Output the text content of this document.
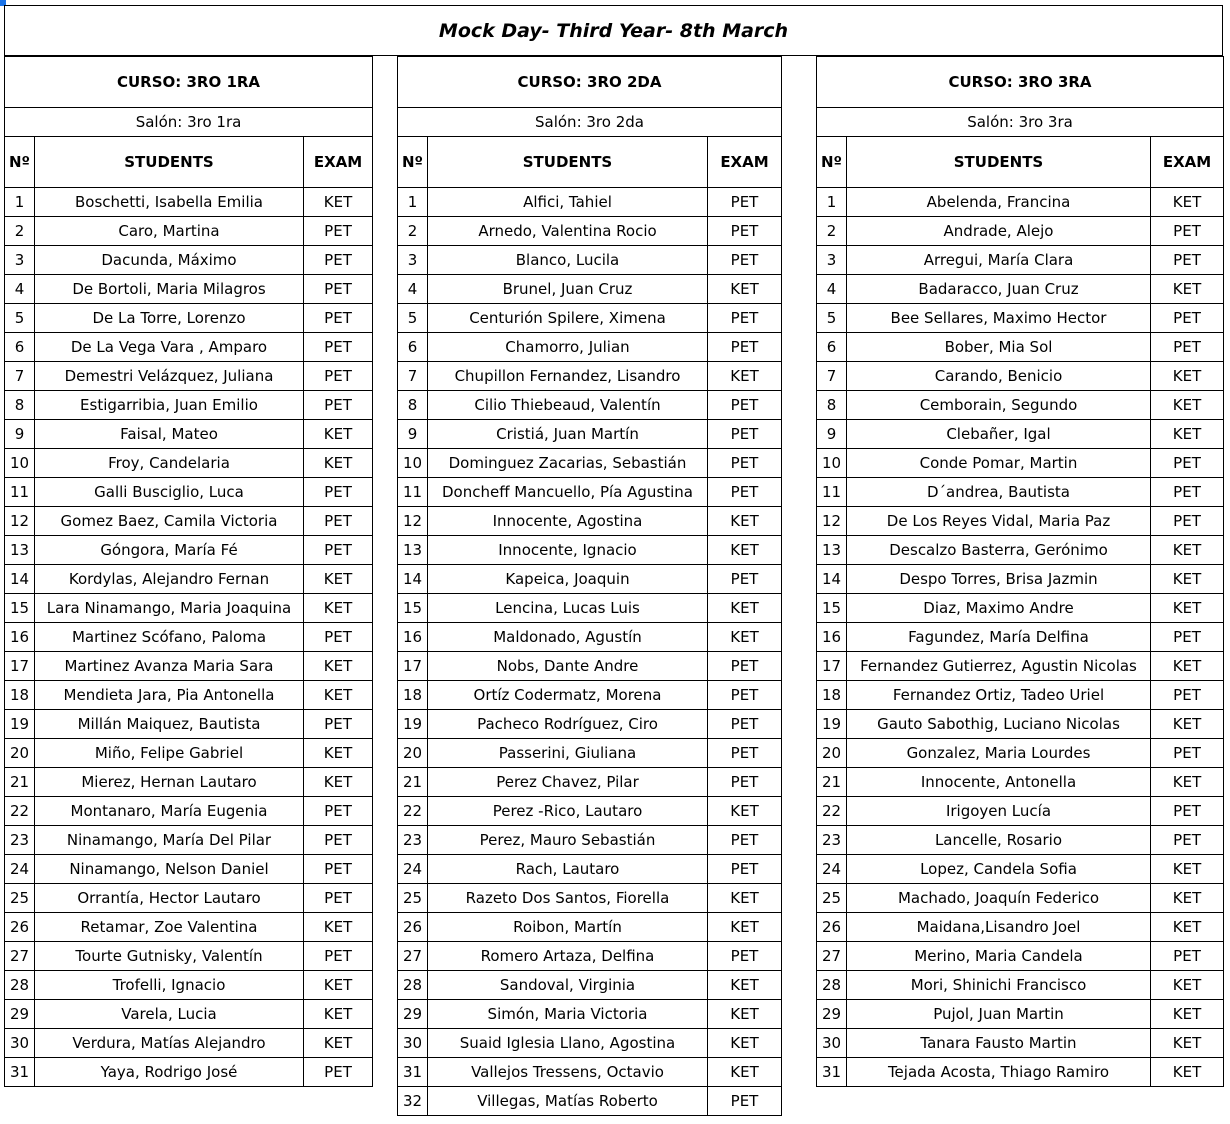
Mock Day- Third Year- 8th March
CURSO: 3RO 1RA		
Salón: 3ro 1ra		
Nº	STUDENTS	EXAM
1	Boschetti, Isabella Emilia	KET
2	Caro, Martina	PET
3	Dacunda, Máximo	PET
4	De Bortoli, Maria Milagros	PET
5	De La Torre, Lorenzo	PET
6	De La Vega Vara , Amparo	PET
7	Demestri Velázquez, Juliana	PET
8	Estigarribia, Juan Emilio	PET
9	Faisal, Mateo	KET
10	Froy, Candelaria	KET
11	Galli Busciglio, Luca	PET
12	Gomez Baez, Camila Victoria	PET
13	Góngora, María Fé	PET
14	Kordylas, Alejandro Fernan	KET
15	Lara Ninamango, Maria Joaquina	KET
16	Martinez Scófano, Paloma	PET
17	Martinez Avanza Maria Sara	KET
18	Mendieta Jara, Pia Antonella	KET
19	Millán Maiquez, Bautista	PET
20	Miño, Felipe Gabriel	KET
21	Mierez, Hernan Lautaro	KET
22	Montanaro, María Eugenia	PET
23	Ninamango, María Del Pilar	PET
24	Ninamango, Nelson Daniel	PET
25	Orrantía, Hector Lautaro	PET
26	Retamar, Zoe Valentina	KET
27	Tourte Gutnisky, Valentín	PET
28	Trofelli, Ignacio	KET
29	Varela, Lucia	KET
30	Verdura, Matías Alejandro	KET
31	Yaya, Rodrigo José	PET
CURSO: 3RO 2DA		
Salón: 3ro 2da		
Nº	STUDENTS	EXAM
1	Alfici, Tahiel	PET
2	Arnedo, Valentina Rocio	PET
3	Blanco, Lucila	PET
4	Brunel, Juan Cruz	KET
5	Centurión Spilere, Ximena	PET
6	Chamorro, Julian	PET
7	Chupillon Fernandez, Lisandro	KET
8	Cilio Thiebeaud, Valentín	PET
9	Cristiá, Juan Martín	PET
10	Dominguez Zacarias, Sebastián	PET
11	Doncheff Mancuello, Pía Agustina	PET
12	Innocente, Agostina	KET
13	Innocente, Ignacio	KET
14	Kapeica, Joaquin	PET
15	Lencina, Lucas Luis	KET
16	Maldonado, Agustín	KET
17	Nobs, Dante Andre	PET
18	Ortíz Codermatz, Morena	PET
19	Pacheco Rodríguez, Ciro	PET
20	Passerini, Giuliana	PET
21	Perez Chavez, Pilar	PET
22	Perez -Rico, Lautaro	KET
23	Perez, Mauro Sebastián	PET
24	Rach, Lautaro	PET
25	Razeto Dos Santos, Fiorella	KET
26	Roibon, Martín	KET
27	Romero Artaza, Delfina	PET
28	Sandoval, Virginia	KET
29	Simón, Maria Victoria	KET
30	Suaid Iglesia Llano, Agostina	KET
31	Vallejos Tressens, Octavio	KET
32	Villegas, Matías Roberto	PET
CURSO: 3RO 3RA		
Salón: 3ro 3ra		
Nº	STUDENTS	EXAM
1	Abelenda, Francina	KET
2	Andrade, Alejo	PET
3	Arregui, María Clara	PET
4	Badaracco, Juan Cruz	KET
5	Bee Sellares, Maximo Hector	PET
6	Bober, Mia Sol	PET
7	Carando, Benicio	KET
8	Cemborain, Segundo	KET
9	Clebañer, Igal	KET
10	Conde Pomar, Martin	PET
11	D´andrea, Bautista	PET
12	De Los Reyes Vidal, Maria Paz	PET
13	Descalzo Basterra, Gerónimo	KET
14	Despo Torres, Brisa Jazmin	KET
15	Diaz, Maximo Andre	KET
16	Fagundez, María Delfina	PET
17	Fernandez Gutierrez, Agustin Nicolas	KET
18	Fernandez Ortiz, Tadeo Uriel	PET
19	Gauto Sabothig, Luciano Nicolas	KET
20	Gonzalez, Maria Lourdes	PET
21	Innocente, Antonella	KET
22	Irigoyen Lucía	PET
23	Lancelle, Rosario	PET
24	Lopez, Candela Sofia	KET
25	Machado, Joaquín Federico	KET
26	Maidana,Lisandro Joel	KET
27	Merino, Maria Candela	PET
28	Mori, Shinichi Francisco	KET
29	Pujol, Juan Martin	KET
30	Tanara Fausto Martin	KET
31	Tejada Acosta, Thiago Ramiro	KET
